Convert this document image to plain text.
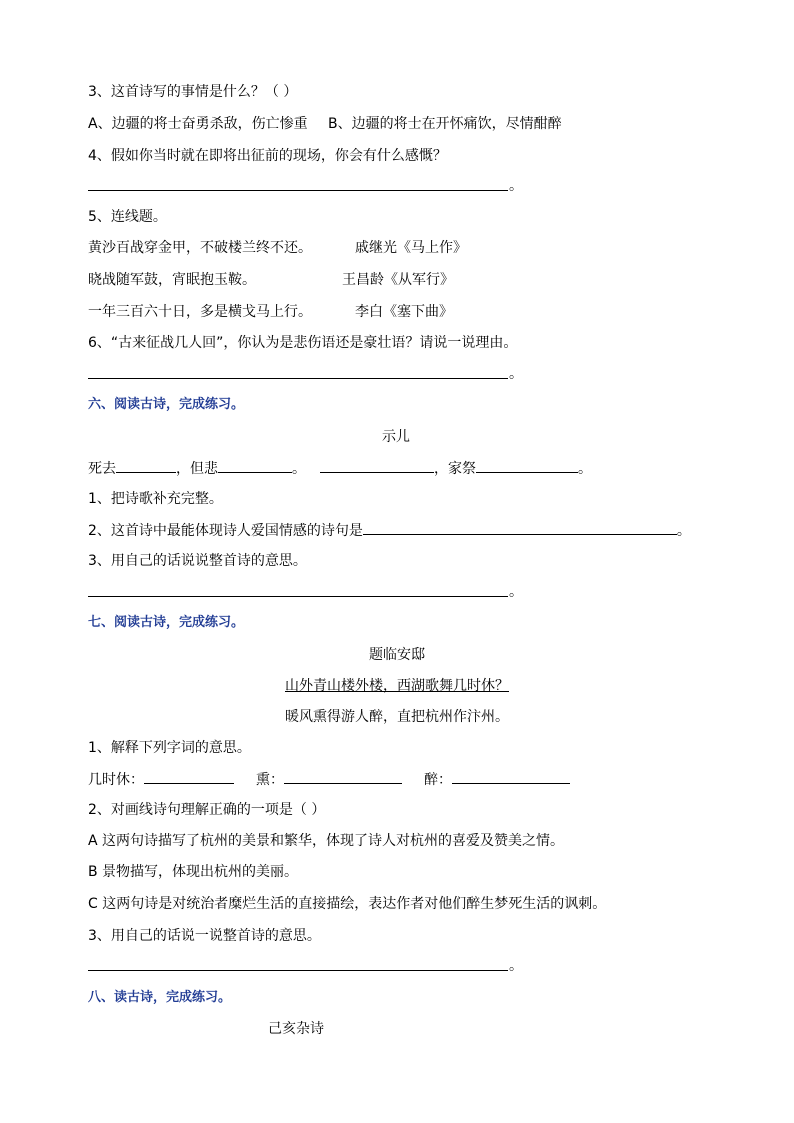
3、这首诗写的事情是什么？（ ）
A、边疆的将士奋勇杀敌，伤亡惨重 B、边疆的将士在开怀痛饮，尽情酣醉
4、假如你当时就在即将出征前的现场，你会有什么感慨？
。
5、连线题。
黄沙百战穿金甲，不破楼兰终不还。	戚继光《马上作》
晓战随军鼓，宵眠抱玉鞍。	王昌龄《从军行》
一年三百六十日，多是横戈马上行。	李白《塞下曲》
6、“古来征战几人回”，你认为是悲伤语还是豪壮语？请说一说理由。
。
六、阅读古诗，完成练习。
示儿
死去	，但悲	。	，家祭	。
1、把诗歌补充完整。
2、这首诗中最能体现诗人爱国情感的诗句是	。
3、用自己的话说说整首诗的意思。
。
七、阅读古诗，完成练习。
题临安邸
山外青山楼外楼，西湖歌舞几时休？
暖风熏得游人醉，直把杭州作汴州。
1、解释下列字词的意思。
几时休：	熏：	醉：
2、对画线诗句理解正确的一项是（ ）
A 这两句诗描写了杭州的美景和繁华，体现了诗人对杭州的喜爱及赞美之情。
B 景物描写，体现出杭州的美丽。
C 这两句诗是对统治者糜烂生活的直接描绘，表达作者对他们醉生梦死生活的讽刺。
3、用自己的话说一说整首诗的意思。
。
八、读古诗，完成练习。
己亥杂诗
